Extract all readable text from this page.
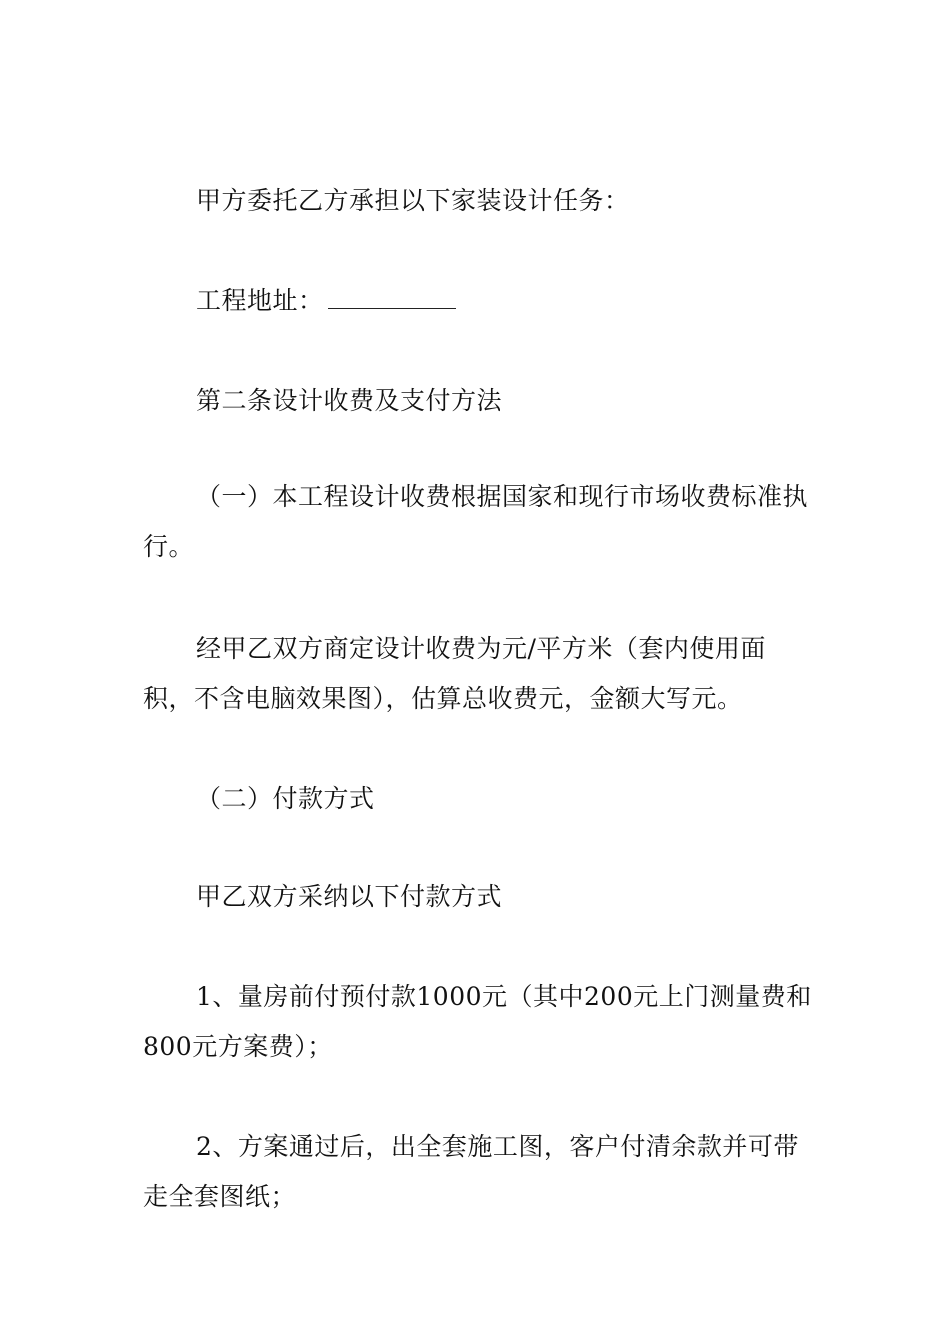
甲方委托乙方承担以下家装设计任务：

工程地址：

第二条设计收费及支付方法

（一）本工程设计收费根据国家和现行市场收费标准执行。

经甲乙双方商定设计收费为元/平方米（套内使用面积，不含电脑效果图），估算总收费元，金额大写元。

（二）付款方式

甲乙双方采纳以下付款方式

1、量房前付预付款1000元（其中200元上门测量费和800元方案费）；

2、方案通过后，出全套施工图，客户付清余款并可带走全套图纸；
